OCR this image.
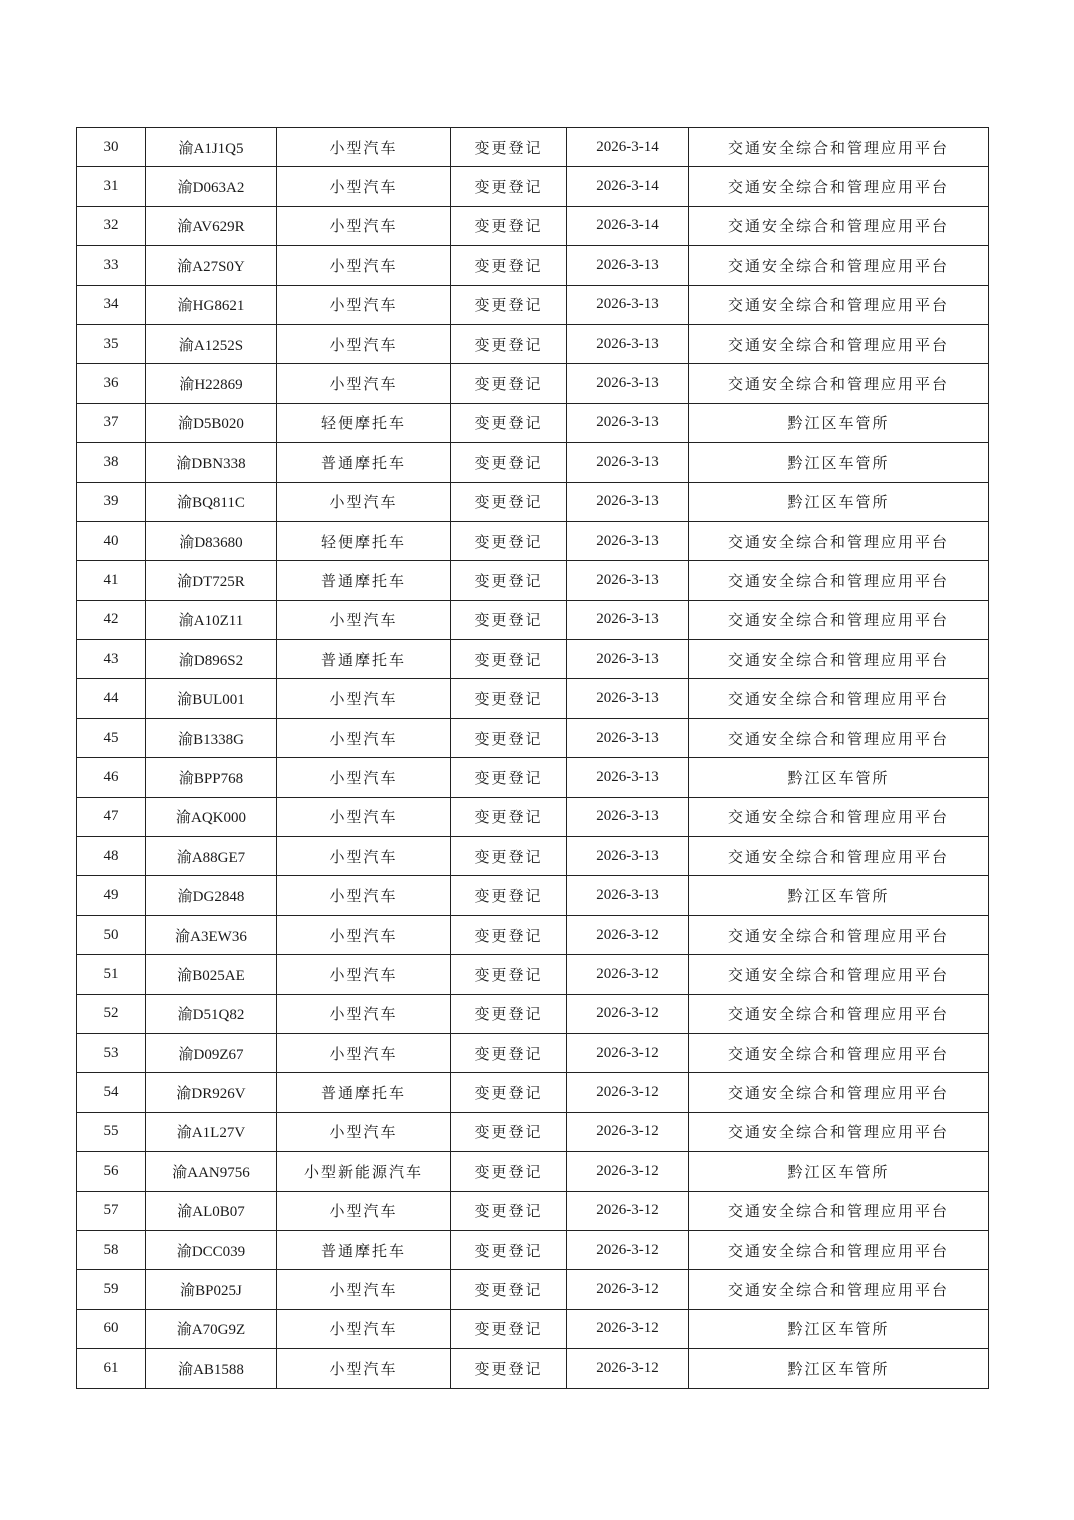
30	渝A1J1Q5	小型汽车	变更登记	2026-3-14	交通安全综合和管理应用平台
31	渝D063A2	小型汽车	变更登记	2026-3-14	交通安全综合和管理应用平台
32	渝AV629R	小型汽车	变更登记	2026-3-14	交通安全综合和管理应用平台
33	渝A27S0Y	小型汽车	变更登记	2026-3-13	交通安全综合和管理应用平台
34	渝HG8621	小型汽车	变更登记	2026-3-13	交通安全综合和管理应用平台
35	渝A1252S	小型汽车	变更登记	2026-3-13	交通安全综合和管理应用平台
36	渝H22869	小型汽车	变更登记	2026-3-13	交通安全综合和管理应用平台
37	渝D5B020	轻便摩托车	变更登记	2026-3-13	黔江区车管所
38	渝DBN338	普通摩托车	变更登记	2026-3-13	黔江区车管所
39	渝BQ811C	小型汽车	变更登记	2026-3-13	黔江区车管所
40	渝D83680	轻便摩托车	变更登记	2026-3-13	交通安全综合和管理应用平台
41	渝DT725R	普通摩托车	变更登记	2026-3-13	交通安全综合和管理应用平台
42	渝A10Z11	小型汽车	变更登记	2026-3-13	交通安全综合和管理应用平台
43	渝D896S2	普通摩托车	变更登记	2026-3-13	交通安全综合和管理应用平台
44	渝BUL001	小型汽车	变更登记	2026-3-13	交通安全综合和管理应用平台
45	渝B1338G	小型汽车	变更登记	2026-3-13	交通安全综合和管理应用平台
46	渝BPP768	小型汽车	变更登记	2026-3-13	黔江区车管所
47	渝AQK000	小型汽车	变更登记	2026-3-13	交通安全综合和管理应用平台
48	渝A88GE7	小型汽车	变更登记	2026-3-13	交通安全综合和管理应用平台
49	渝DG2848	小型汽车	变更登记	2026-3-13	黔江区车管所
50	渝A3EW36	小型汽车	变更登记	2026-3-12	交通安全综合和管理应用平台
51	渝B025AE	小型汽车	变更登记	2026-3-12	交通安全综合和管理应用平台
52	渝D51Q82	小型汽车	变更登记	2026-3-12	交通安全综合和管理应用平台
53	渝D09Z67	小型汽车	变更登记	2026-3-12	交通安全综合和管理应用平台
54	渝DR926V	普通摩托车	变更登记	2026-3-12	交通安全综合和管理应用平台
55	渝A1L27V	小型汽车	变更登记	2026-3-12	交通安全综合和管理应用平台
56	渝AAN9756	小型新能源汽车	变更登记	2026-3-12	黔江区车管所
57	渝AL0B07	小型汽车	变更登记	2026-3-12	交通安全综合和管理应用平台
58	渝DCC039	普通摩托车	变更登记	2026-3-12	交通安全综合和管理应用平台
59	渝BP025J	小型汽车	变更登记	2026-3-12	交通安全综合和管理应用平台
60	渝A70G9Z	小型汽车	变更登记	2026-3-12	黔江区车管所
61	渝AB1588	小型汽车	变更登记	2026-3-12	黔江区车管所
